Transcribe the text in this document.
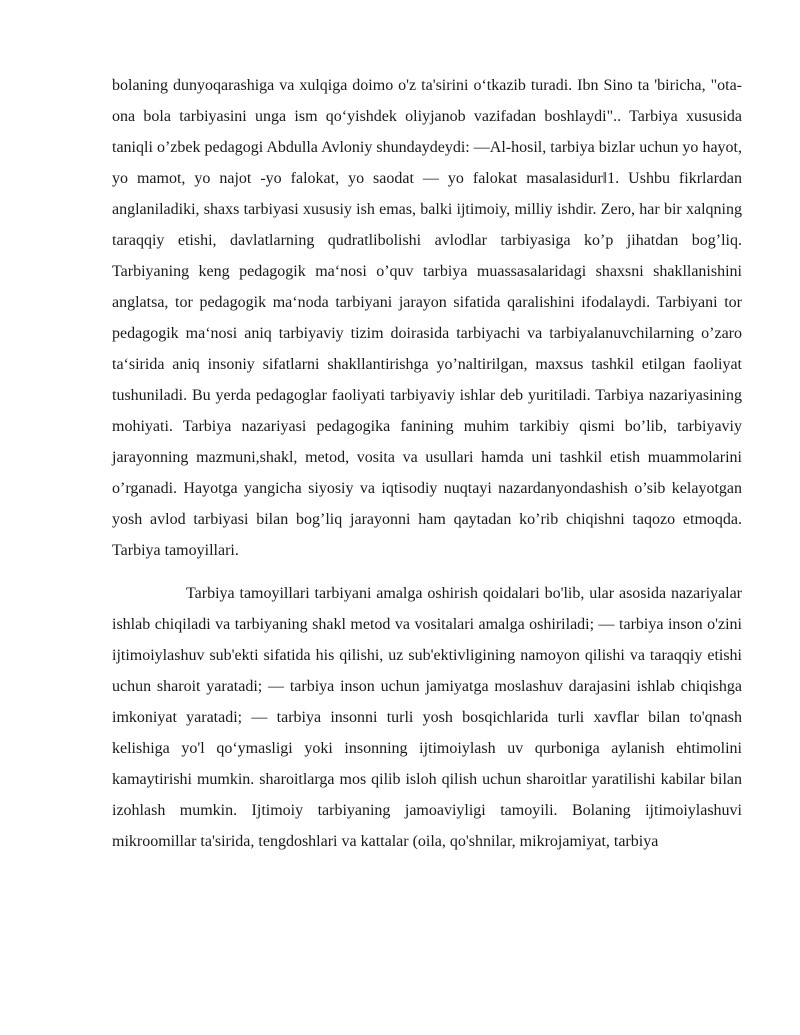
bolaning dunyoqarashiga va xulqiga doimo o'z ta'sirini o‘tkazib turadi. Ibn Sino ta 'biricha, "ota-ona bola tarbiyasini unga ism qo‘yishdek oliyjanob vazifadan boshlaydi".. Tarbiya xususida taniqli o’zbek pedagogi Abdulla Avloniy shundaydeydi: ―Al-hosil, tarbiya bizlar uchun yo hayot, yo mamot, yo najot -yo falokat, yo saodat — yo falokat masalasidur‖1. Ushbu fikrlardan anglaniladiki, shaxs tarbiyasi xususiy ish emas, balki ijtimoiy, milliy ishdir. Zero, har bir xalqning taraqqiy etishi, davlatlarning qudratlibolishi avlodlar tarbiyasiga ko’p jihatdan bog’liq. Tarbiyaning keng pedagogik ma‘nosi o’quv tarbiya muassasalaridagi shaxsni shakllanishini anglatsa, tor pedagogik ma‘noda tarbiyani jarayon sifatida qaralishini ifodalaydi. Tarbiyani tor pedagogik ma‘nosi aniq tarbiyaviy tizim doirasida tarbiyachi va tarbiyalanuvchilarning o’zaro ta‘sirida aniq insoniy sifatlarni shakllantirishga yo’naltirilgan, maxsus tashkil etilgan faoliyat tushuniladi. Bu yerda pedagoglar faoliyati tarbiyaviy ishlar deb yuritiladi. Tarbiya nazariyasining mohiyati. Tarbiya nazariyasi pedagogika fanining muhim tarkibiy qismi bo’lib, tarbiyaviy jarayonning mazmuni,shakl, metod, vosita va usullari hamda uni tashkil etish muammolarini o’rganadi. Hayotga yangicha siyosiy va iqtisodiy nuqtayi nazardanyondashish o’sib kelayotgan yosh avlod tarbiyasi bilan bog’liq jarayonni ham qaytadan ko’rib chiqishni taqozo etmoqda. Tarbiya tamoyillari.

Tarbiya tamoyillari tarbiyani amalga oshirish qoidalari bo'lib, ular asosida nazariyalar ishlab chiqiladi va tarbiyaning shakl metod va vositalari amalga oshiriladi; — tarbiya inson o'zini ijtimoiylashuv sub'ekti sifatida his qilishi, uz sub'ektivligining namoyon qilishi va taraqqiy etishi uchun sharoit yaratadi; — tarbiya inson uchun jamiyatga moslashuv darajasini ishlab chiqishga imkoniyat yaratadi; — tarbiya insonni turli yosh bosqichlarida turli xavflar bilan to'qnash kelishiga yo'l qo‘ymasligi yoki insonning ijtimoiylash uv qurboniga aylanish ehtimolini kamaytirishi mumkin. sharoitlarga mos qilib isloh qilish uchun sharoitlar yaratilishi kabilar bilan izohlash mumkin. Ijtimoiy tarbiyaning jamoaviyligi tamoyili. Bolaning ijtimoiylashuvi mikroomillar ta'sirida, tengdoshlari va kattalar (oila, qo'shnilar, mikrojamiyat, tarbiya
